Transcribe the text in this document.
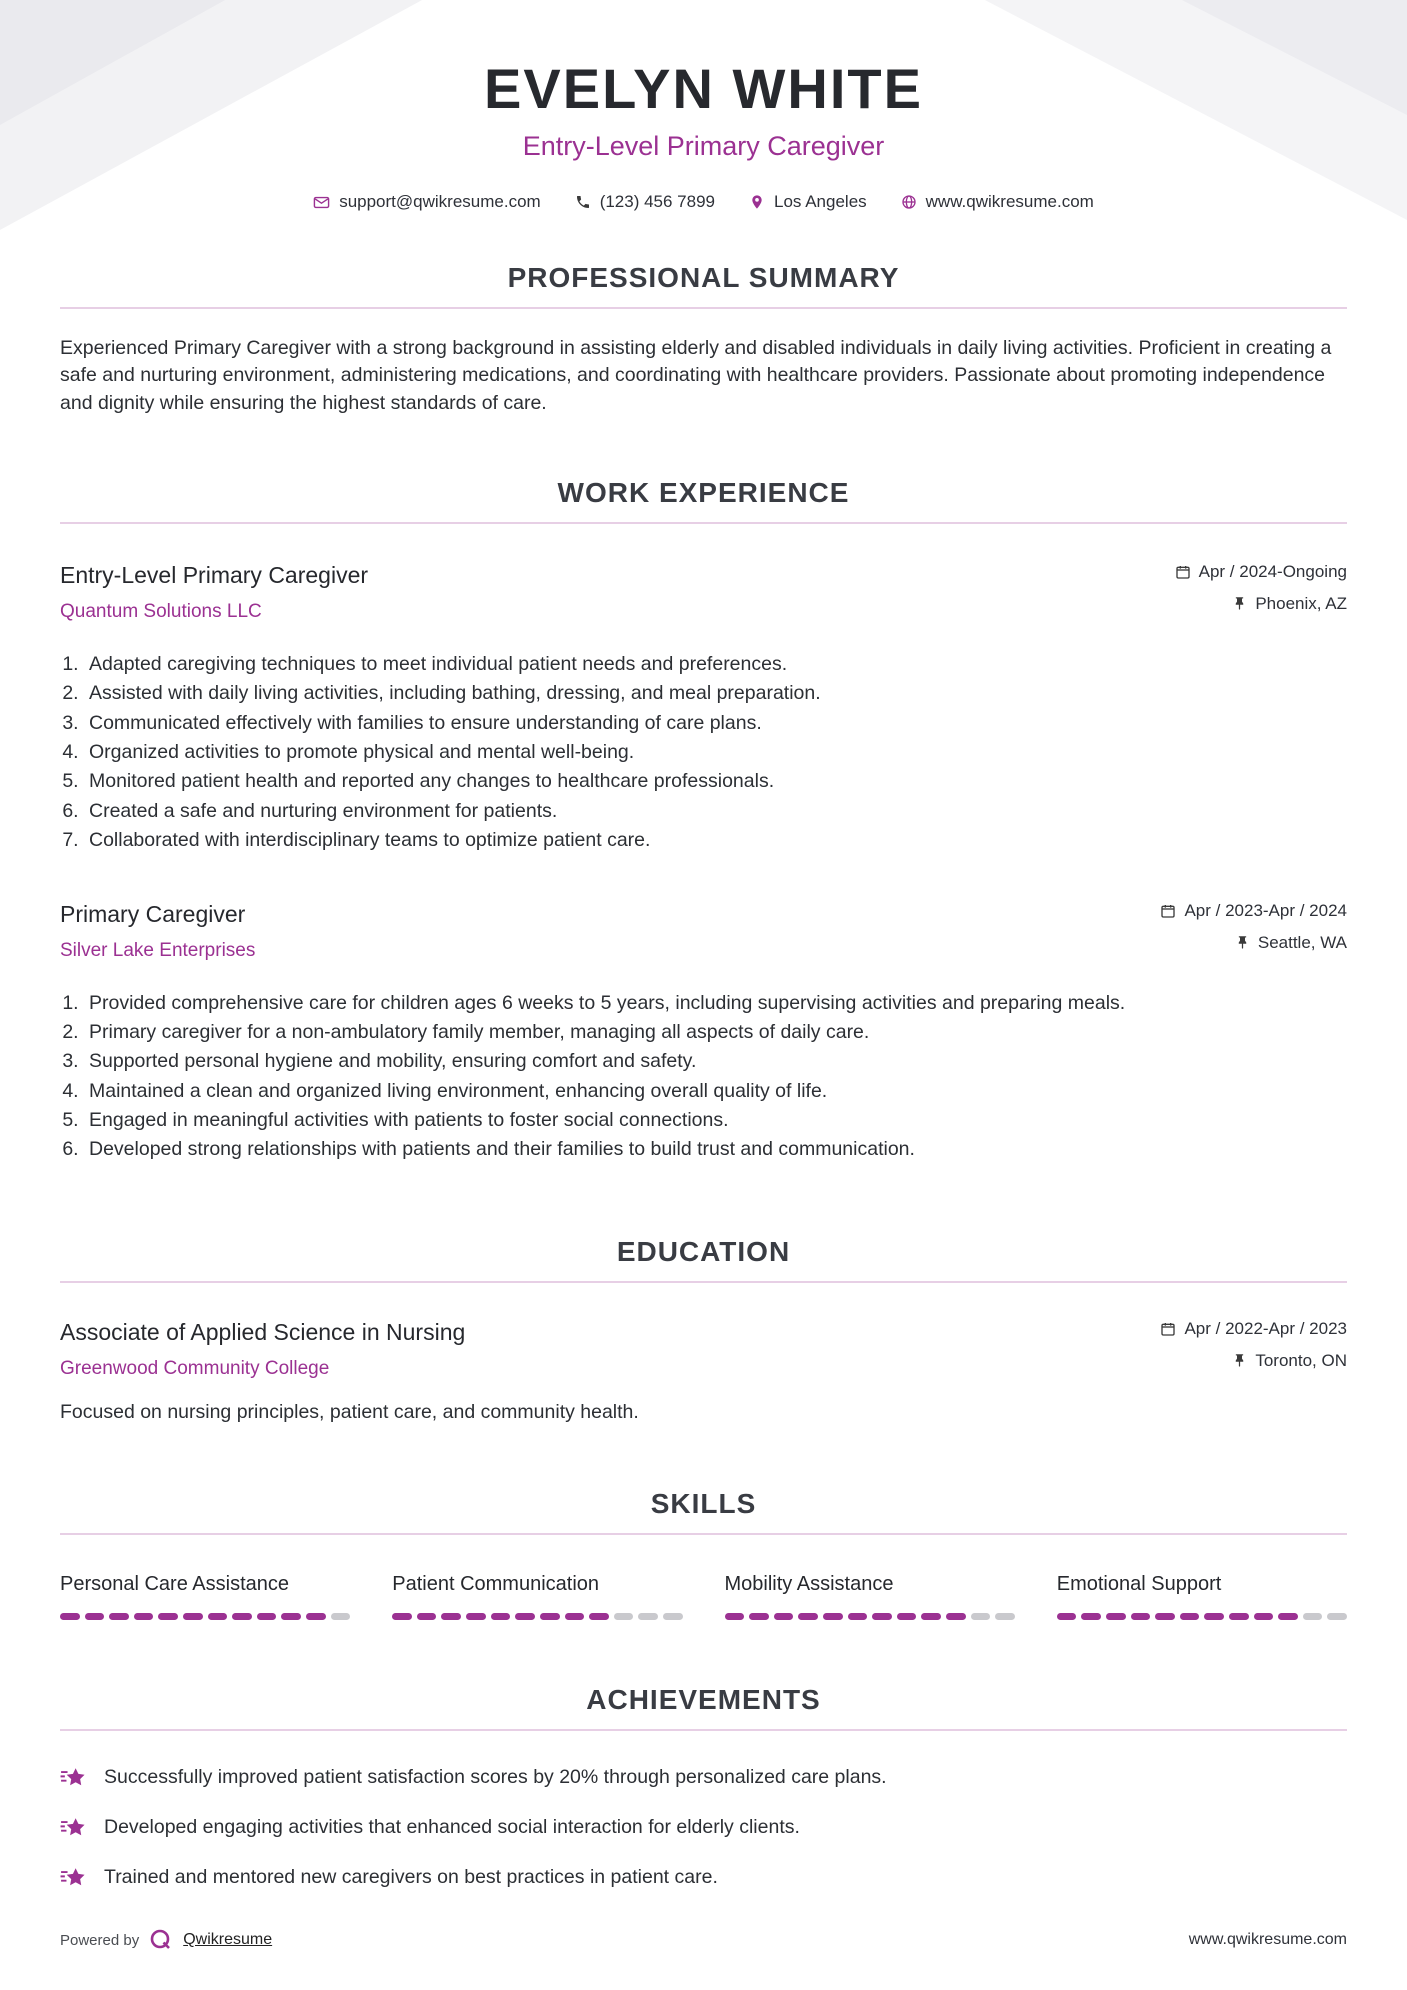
EVELYN WHITE
Entry-Level Primary Caregiver
support@qwikresume.com	(123) 456 7899	Los Angeles	www.qwikresume.com
PROFESSIONAL SUMMARY

Experienced Primary Caregiver with a strong background in assisting elderly and disabled individuals in daily living activities. Proficient in creating a safe and nurturing environment, administering medications, and coordinating with healthcare providers. Passionate about promoting independence and dignity while ensuring the highest standards of care.

WORK EXPERIENCE
Entry-Level Primary Caregiver
Quantum Solutions LLC
Apr / 2024-Ongoing
Phoenix, AZ
1. Adapted caregiving techniques to meet individual patient needs and preferences.
2. Assisted with daily living activities, including bathing, dressing, and meal preparation.
3. Communicated effectively with families to ensure understanding of care plans.
4. Organized activities to promote physical and mental well-being.
5. Monitored patient health and reported any changes to healthcare professionals.
6. Created a safe and nurturing environment for patients.
7. Collaborated with interdisciplinary teams to optimize patient care.
Primary Caregiver
Silver Lake Enterprises
Apr / 2023-Apr / 2024
Seattle, WA
1. Provided comprehensive care for children ages 6 weeks to 5 years, including supervising activities and preparing meals.
2. Primary caregiver for a non-ambulatory family member, managing all aspects of daily care.
3. Supported personal hygiene and mobility, ensuring comfort and safety.
4. Maintained a clean and organized living environment, enhancing overall quality of life.
5. Engaged in meaningful activities with patients to foster social connections.
6. Developed strong relationships with patients and their families to build trust and communication.
EDUCATION
Associate of Applied Science in Nursing
Greenwood Community College
Apr / 2022-Apr / 2023
Toronto, ON

Focused on nursing principles, patient care, and community health.

SKILLS
Personal Care Assistance	Patient Communication	Mobility Assistance	Emotional Support
ACHIEVEMENTS
Successfully improved patient satisfaction scores by 20% through personalized care plans.
Developed engaging activities that enhanced social interaction for elderly clients.
Trained and mentored new caregivers on best practices in patient care.
Powered by	Qwikresume	www.qwikresume.com
